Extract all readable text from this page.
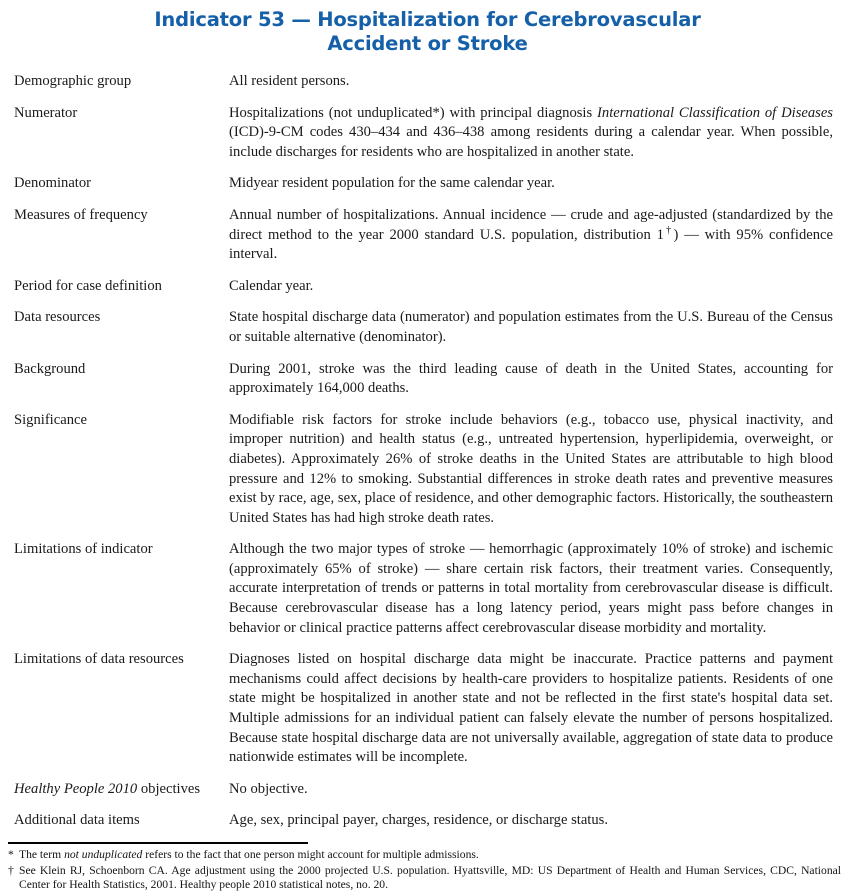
Indicator 53 — Hospitalization for Cerebrovascular
Accident or Stroke
Demographic group	All resident persons.
Numerator	Hospitalizations (not unduplicated*) with principal diagnosis International Classification of Diseases (ICD)-9-CM codes 430–434 and 436–438 among residents during a calendar year. When possible, include discharges for residents who are hospitalized in another state.
Denominator	Midyear resident population for the same calendar year.
Measures of frequency	Annual number of hospitalizations. Annual incidence — crude and age-adjusted (standardized by the direct method to the year 2000 standard U.S. population, distribution 1†) — with 95% confidence interval.
Period for case definition	Calendar year.
Data resources	State hospital discharge data (numerator) and population estimates from the U.S. Bureau of the Census or suitable alternative (denominator).
Background	During 2001, stroke was the third leading cause of death in the United States, accounting for approximately 164,000 deaths.
Significance	Modifiable risk factors for stroke include behaviors (e.g., tobacco use, physical inactivity, and improper nutrition) and health status (e.g., untreated hypertension, hyperlipidemia, overweight, or diabetes). Approximately 26% of stroke deaths in the United States are attributable to high blood pressure and 12% to smoking. Substantial differences in stroke death rates and preventive measures exist by race, age, sex, place of residence, and other demographic factors. Historically, the southeastern United States has had high stroke death rates.
Limitations of indicator	Although the two major types of stroke — hemorrhagic (approximately 10% of stroke) and ischemic (approximately 65% of stroke) — share certain risk factors, their treatment varies. Consequently, accurate interpretation of trends or patterns in total mortality from cerebrovascular disease is difficult. Because cerebrovascular disease has a long latency period, years might pass before changes in behavior or clinical practice patterns affect cerebrovascular disease morbidity and mortality.
Limitations of data resources	Diagnoses listed on hospital discharge data might be inaccurate. Practice patterns and payment mechanisms could affect decisions by health-care providers to hospitalize patients. Residents of one state might be hospitalized in another state and not be reflected in the first state's hospital data set. Multiple admissions for an individual patient can falsely elevate the number of persons hospitalized. Because state hospital discharge data are not universally available, aggregation of state data to produce nationwide estimates will be incomplete.
Healthy People 2010 objectives	No objective.
Additional data items	Age, sex, principal payer, charges, residence, or discharge status.
* The term not unduplicated refers to the fact that one person might account for multiple admissions.
† See Klein RJ, Schoenborn CA. Age adjustment using the 2000 projected U.S. population. Hyattsville, MD: US Department of Health and Human Services, CDC, National Center for Health Statistics, 2001. Healthy people 2010 statistical notes, no. 20.
